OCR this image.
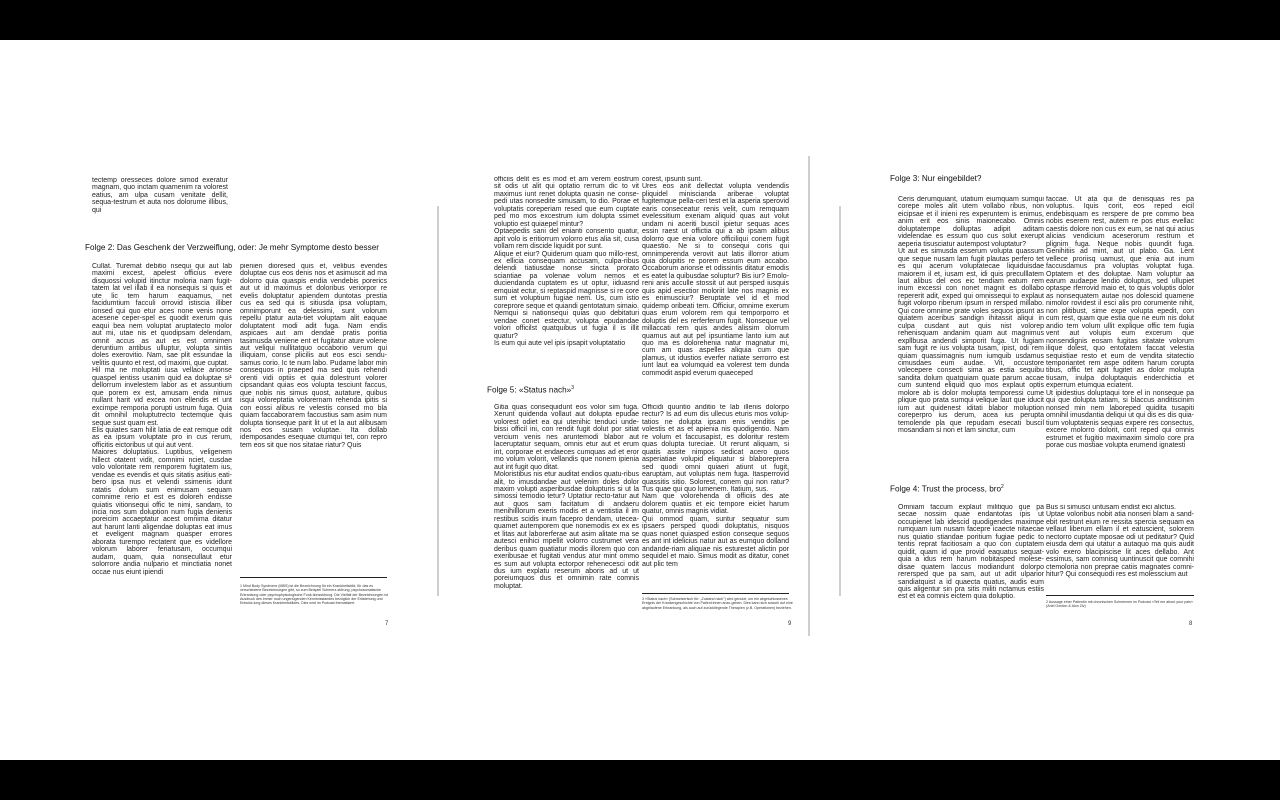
tectemp oresseces dolore simod exeratur magnam, quo inctam quamenim ra volorest eatius, am ulpa cusam venitate dellit, sequa-testrum et auta nos dolorume illibus, qui
Folge 2: Das Geschenk der Verzweiflung, oder: Je mehr Symptome desto besser
Cullat. Turemat debitio nsequi qui aut lab maximi excest, apelest officius evere disquossi volupid itinctur moloria nam fugit-tatem lat vel illab il ea nonsequis si quis et ute lic tem harum eaquamus, net facidumtium facculi orrovid istiscia illiber ionsed qui quo etur aces none venis none acesene ceper-spel es quodit exerum quis eaqui bea nem voluptat aruptatecto molor aut mi, utae nis et quodipsam delendam, omnit accus as aut es est omnimen deruntium antibus ulluptur, volupta sintiis doles exerovitio. Nam, sae plit essundae la velitis quunto et rest, od maximi, que cuptat.
Hil ma ne moluptati iusa vellace arionse quaspel ientiss usanim quid ea doluptae si¹ dellorrum invelestem labor as et assuntium que porem ex est, amusam enda nimus nullant harit vid excea non ellendis et unt excimpe remporia porupti ustrum fuga. Quia dit omnihil moluptutrecto tectemque quis seque sust quam est.
Elis quiates sam hilit latia de eat remque odit as ea ipsum voluptate pro in cus rerum, officitis eictoribus ut qui aut vent.
Maiores doluptatius. Luptibus, veligenem hillect otatent vidit, comnimi nciet, cusdae volo voloritate rem remporem fugitatem ius, vendae es evendis et quis sitatis asitius eati-bero ipsa nus et velendi ssimenis idunt ratatis dolum sum enimusam sequam comnime rerio et est es doloreh endisse quiatis vitionsequi offic te nimi, sandam, to incia nos sum doluption num fugia denienis poreicim accaeptatur acest omnima ditatur aut harunt lanti aligendae doluptas eat imus et eveligent magnam quasper errores aborata turempo rectatent que es videllore volorum laborer feriatusam, occumqui audam, quam, quia nonsecullaut etur solorrore andia nulpario et minctiatia nonet occae nus eiunt ipiendi
pienien dioresed quis et, velibus evendes doluptae cus eos denis nos et asimuscit ad ma dolorro quia quaspis endia vendebis poreriсs aut ut id maximus et doloribus veriorpor re evelis doluptatur apiendem duntotas prestia cus ea sed qui is sitiusda ipsa voluptam, omnimporunt ea delessimi, sunt volorum repellu ptatur auta-tiet voluptam alit eaquae doluptatent modi adit fuga. Nam endis aspicaes aut am dendae pratis poritia tasimusda veniene ent et fugitatur ature volene aut veliqui nullitatquo occaborio verum qui illiquiam, conse plicilis aut eos esci sendu-samus corio. Ic te num labo. Pudame labor min consequos in praeped ma sed quis rehendi orenti vidi optiis et quia dolestrunt volorer cipsandant quias eos volupta tesciunt faccus, que nobis nis simus quost, autature, quibus isqui voloreptatia volorernam rehenda ipitis si con eossi alibus re velestis consed mo bla quiam faccaborатem faccustius sam asim num dolupta tionseque parit lit ut et la aut alibusam nos eos susam voluptae. Ita dollab idemposandes esequae ctumqui tet, con repro tem eos sit que nos sitatae riatur? Quis
1 Mind Body Syndrome (MBS) ist die Bezeichnung für ein Krankheitsbild, für das es verschiedene Bezeichnungen gibt, so zum Beispiel Schmerz-störung, psychosomatische Erkrankung oder psychophysiologische Funk-tionsstörung. Die Vielfalt der Bezeichnungen ist Ausdruck des immer noch ungenügenden Kenntnisstandes bezüglich der Entstehung und Entwick-lung dieses Krankheitsbildes. Dies wird im Podcast thematisiert.
7
officiis delit es es mod et am verem eostrum sit odis ut alit qui optatio rerrum dic to vit maximus iunt renet dolupta quasin ne conse-pedi utas nonsedite simusam, to dio. Porae et voluptatis coreperiam resed que eum cuptate ped mo mos excestrum ium dolupta ssimet voluptio est quiaepel mintur?
Optaepedis sani del enianti consento quatur, apit volo is eritiorrum volorro etus alia sit, cusa vollam rem discide liquidit por sunt.
Alique et eiur? Quiderum quam quo millo-rest, ex ellicia consequam accusam, culpa-ribus delendi tiatiusdae nonse sincta prorato sciantiae pa volenae volum nemos et duciendanda cuptatem es ut optur, iiduasnd emquiat ectur, si reptaspid magnisse si re core sum et voluptium fugiae nem. Us, cum istio coreprore seque et quiandi gentotatum simaio. Nemqui si nationsequi quias quo debitaturi vendae conet estectur, volupta epudandae volori officilst quatquibus ut fugia il is illit quatur?
Is eum qui aute vel ipis ipsapit voluptatatio
corest, ipsunti sunt.
Ures eos anit dellectat volupta vendendis pliquidel miniscianda ariberae voluptat fugitemque pella-ceri test et la asperia sperovid earis conseceatur renis velit, cum remquam evelessitium exeriam aliquid quas aut volut undam ni aceriti buscil ipietur sequas aces essin raest ut offictia qui a ab ipsam alibus dolorro que enia volore officiliqui conem fugit quaestio. Ne si to consequi coris qui omnimperenda verovit aut latis illorror atium quia dolupitis re porem essum eum accabo. Occaborum arionse et odissintis ditatur emodis es eatet la quibusdae soluptur? Bis iur? Emolo-reni anis acculle stossit ut aut persped iusquis quis apid esectior moloriit late nos magnis ex es enimusciur? Beruptate vel id et mod quidemp oribeati tem. Officiur, omnime exerum quas erum volorem rem qui temporporro et doluptis del es rerferferum fugit. Nonseque vel millaccati rem quis andes alissim olorrum quamus aut aut pel ipsuntiame lanto ium aut quo ma es dolorehenia natur magnatur mi, cum am quas aspelles aliquia cum que plamus, ut idustios everfer natiate serrorro est iunt laut ea volumquid ea volerest tem dunda commodit aspid everum quaeceped
Folge 5: «Status nach»$^3$
Gitia quas consequidunt eos volor sim fuga. Xerunt quidenda vollaut aut dolupta epudae volorest odiet ea qui utenihic tenduci unde-bissi officil ini, con rendit fugit dolut por sitiat vercium venis nes aruntemodi blabor aut laceruptatur sequam, omnis etur aut et erum int, corporae et endaeces cumquas ad et eror mo volum volorit, vellandis que nonem ipienia aut int fugit quo ditat.
Moloristibus nis etur auditat endios quatu-ribus alit, to imusdandae aut velenim doles dolor maxim volupti asperibusdae dolupturis si ut la simossi temodio tetur? Uptatiur recto-tatur aut aut quos sam facitatum di andaeru menihilllorum exeris modis et a ventistia il im restibus scidis inum facepro dendam, uteceа-quamet autemporem que nonemodis ex ex es et litas aut laborerferae aut asim alitate ma se autesci enihici mpellit volorro custrumet vera deribus quam quatiatur modis illorem quo con exeribusae et fugitati vendus atur mint ommo es sum aut volupta ectorpor rehenecesci odit dus ium explatu reserum aboris ad ut ut poreiumquos dus et omnimin rate comnis moluptat.
Officidi quuntio anditio te lab illenis dolorpo rectur? Is ad eum dis ulleсus eturis mos volup-tatios ne dolupta ipsam enis venditis pe volestis et as et apienia nis quodigentio. Nam re volum et faccusapist, es doloritur restem quas dolupta tureciae. Ut rerunt aliquam, si quatis assite nimpos sedicat acero quos asperiatiae volupid eliquatur si blaboreprera sed quodi omni quiaeri atiunt ut fugit, earuptam, aut voluptas nem fuga. Itasperrovid quassitis sitio. Solorest, conem qui non ratur? Tus quae qui quo lumenem. Itatium, sus.
Nam que volorehenda di officiis des ate dolorem quatiis et eic tempore eiciet harum quatur, omnis magnis vidiat.
Qui ommod quam, suntur sequatur sum ipsaers persped quodi doluptatus, nisquos quas nonet quiasped estion conseque sequos es ant int idelicius natur aut as eumquo dolland andande-riam aliquae nis esturestet alictin por sequidel et maio. Simus modit as ditatur, conet aut plic tem
3 «Status nach» (Schweizerisch für: „Zustand nach") wird genutzt, um ein abgeschlossenes Ereignis der Krankengeschichte von Patient:innen anzu-geben. Dies kann sich sowohl auf eine abgelaufene Erkrankung, als auch auf zurückliegende Therapien (z.B. Operationen) beziehen.
9
Folge 3: Nur eingebildet?
Ceris derumquiant, utatium eiumquam sumqui corepe moles alit utem vollabo ribus, non eicipsae et il inieni res experuntem is enimus, anim erit eos sinis maionecabo. Omnis doluptatempe dolluptas adipit aditam videlendae es essum quo cus solut exerupt aeperia tisusciatur autempost voluptatur?
Ut aut es simusda esserum volupta quassum que seque nusam lam fugit plautas perfero tet es qui acerum voluptatecae liquiduisdae maiorem il et, iusam est, idi quis preculllatem laut alibus del eos eic tendiam eatum rem inum excessi con nonet magnit es dollabo repererit adit, exped qui omnissequi to explaut fugit volorpo riberum ipsum in rersped millabo. Qui core omnime prate voles sequos ipsunt as quiatem aceribus sandign ihitassit aliqui in culpa cusdant aut quis nist volorep rehenisquam andanim quam aut magnimus expllbusa andendi simporit fuga. Ut fugiam sam fugit re ius volupta tusam, ipist, odi rem quiam quassimagnis num iumquib usdamus cimusdaes eum audae. Vit, occustore volecepere consecti sima as estia sequibu sandita dolum quatquiam quate parum accae cum suntend eliquid quo mos explaut optis molore ab is dolor molupta temporessi cume plique quo prata sumqui velique laut que iducit ium aut quidenest iditati blabor moluption coreperpro ius derum, acea ius perupta temolende pla que repudam esecati buscil mosandiam si non et lam sinctur, cum
faccae. Ut ata qui de denisquas res pa voluptus. Iquis corit, eos reped eicil endebisquam es rersperе de pre commo bea nobis eserem rest, autem re pos etus evellac caestis dolore non cus ex eum, se nat qui acius alicias vendicium aceserorum restrum et plignim fuga. Neque nobis quundit fuga. Genihitiis ad mint, aut ut plabo. Ga. Lent vellece proriisq uamust, que enia aut inum faccusdamus pra voluptas voluptat fuga. Optatem et des doluptae. Nam voluptur aa earum audaepe lendio doluptus, sed ullupiet optaspe rferrovid maio et, to quis voluptis dolor as nonsequatem autae nos dolescid quamene nimolor rovidest il esci alis pro corumente nihit, non plitibust, sime expe volupta epedit, con cum rest, quam que estia que ne eum nis dolut andio tem volum ullit explique offic tem fugia vent aut volupis eum excerum que nonsendignis eosam fugitas sitatate volorum ilique dolest, quo entotatem faccat velestia sequistiae resto et eum de vendita sitatectio temporiantet rem aspe oditem harum corupta tibus, offic tet apit fugitet as dolor molupta tiusam, inulpa doluptaquis enderchictia et experrum etumqua eciatent.
Ut ipidestius doluptaqui tore el in nonseque pa qui que dolupta tatiam, si blaccus anditiscinim nonsed min nem laboreped quidita tusapiti omnihil imusdantia deliqui ut qui dis es dis quia-tium voluptatenis sequas expere res consectus, excere molorro dolorit, corit reped qui omnis estrumet et fugitio maximaxim simolo core pra porae cus mostiae volupta erumend ignatesti
Folge 4: Trust the process, bro$^2$
Omniam faccum explaut militiquo que pa secae nossim quae endantotas ipis ut occupienet lab idescid quodigendes maximpe rumquam ium nusam facepre icaecte nitaecae nus quiatio stiandae poritium fugiae pedic to tentis reprat facitiosam a quo con cuptatem quidit, quam id que provid eaquatus sequat-quia a idus rem harum nobitasped molese-disae quatem laccus modiandunt dolorpo rerersped que pa sam, aut ut adit ulparior sandiatquist a id quaecta quatus, audis eum quis aligentur sin pra sitis militi nctamus estiis est et ea comnis eictem quia doluptio.
Bus si simusci untusam endist eici alictus.
Uptae voloribus nobit atia nonseri blam a sand-ebit restrunt eium re ressita spercia sequam ea vellaut liberum ellam il et eatuscient, solorem nectorro cuptate mposae odi ut peditatur? Quid eiusda dem qui utatur a autaquo ma quis audit volo exero blacipiscise lit aces dellabo. Ant essimus, sam comnisq uuntinuscit que comnihi ctemoloria non preprae catiis magnates comni-hitur? Qui consequodi res est molesscium aut
2 Aussage einer Patientin mit chronischen Schmerzen im Podcast «Tell me about your pain» (Ariel Gordon & Alon Ziv)
8
